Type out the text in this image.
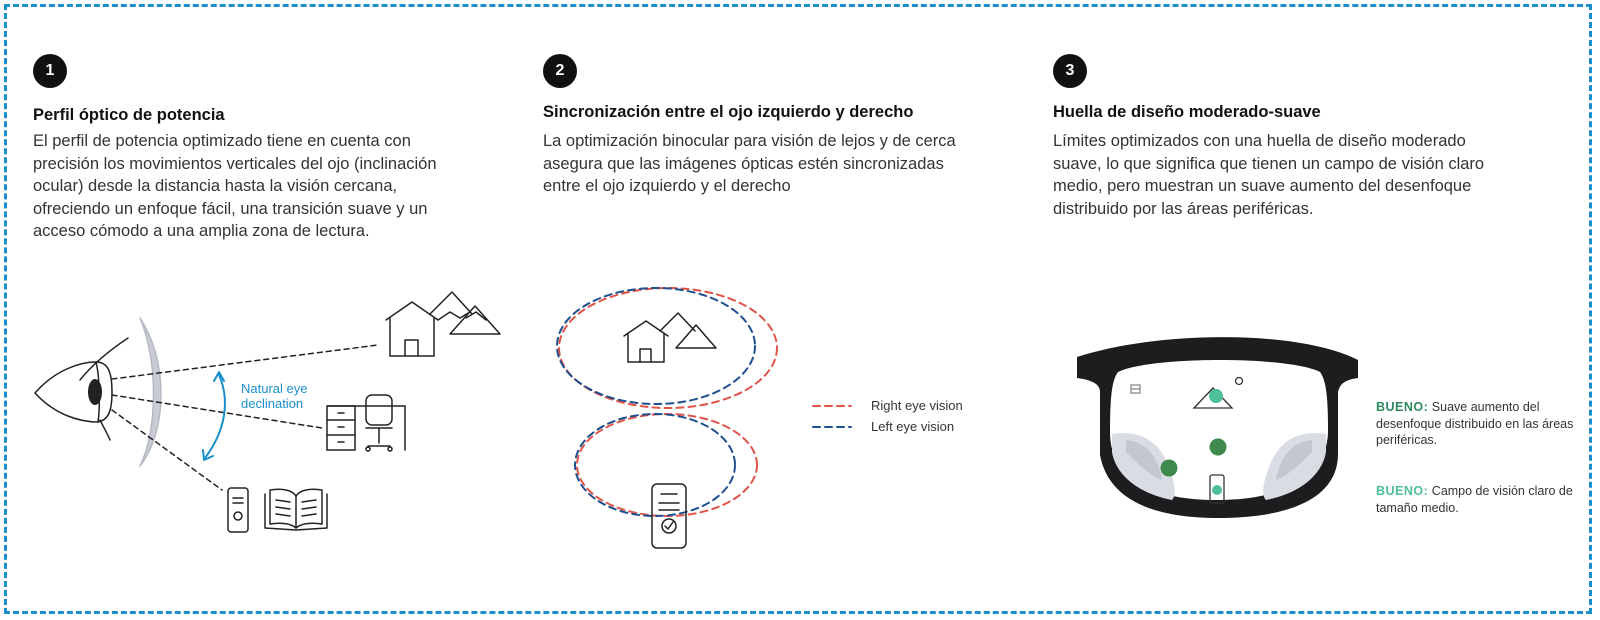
1
Perfil óptico de potencia
El perfil de potencia optimizado tiene en cuenta con
precisión los movimientos verticales del ojo (inclinación
ocular) desde la distancia hasta la visión cercana,
ofreciendo un enfoque fácil, una transición suave y un
acceso cómodo a una amplia zona de lectura.
2
Sincronización entre el ojo izquierdo y derecho
La optimización binocular para visión de lejos y de cerca
asegura que las imágenes ópticas estén sincronizadas
entre el ojo izquierdo y el derecho
3
Huella de diseño moderado-suave
Límites optimizados con una huella de diseño moderado
suave, lo que significa que tienen un campo de visión claro
medio, pero muestran un suave aumento del desenfoque
distribuido por las áreas periféricas.
Natural eye
declination	Right eye vision
Left eye vision
BUENO: Suave aumento del desenfoque distribuido en las áreas periféricas.
BUENO: Campo de visión claro de tamaño medio.
